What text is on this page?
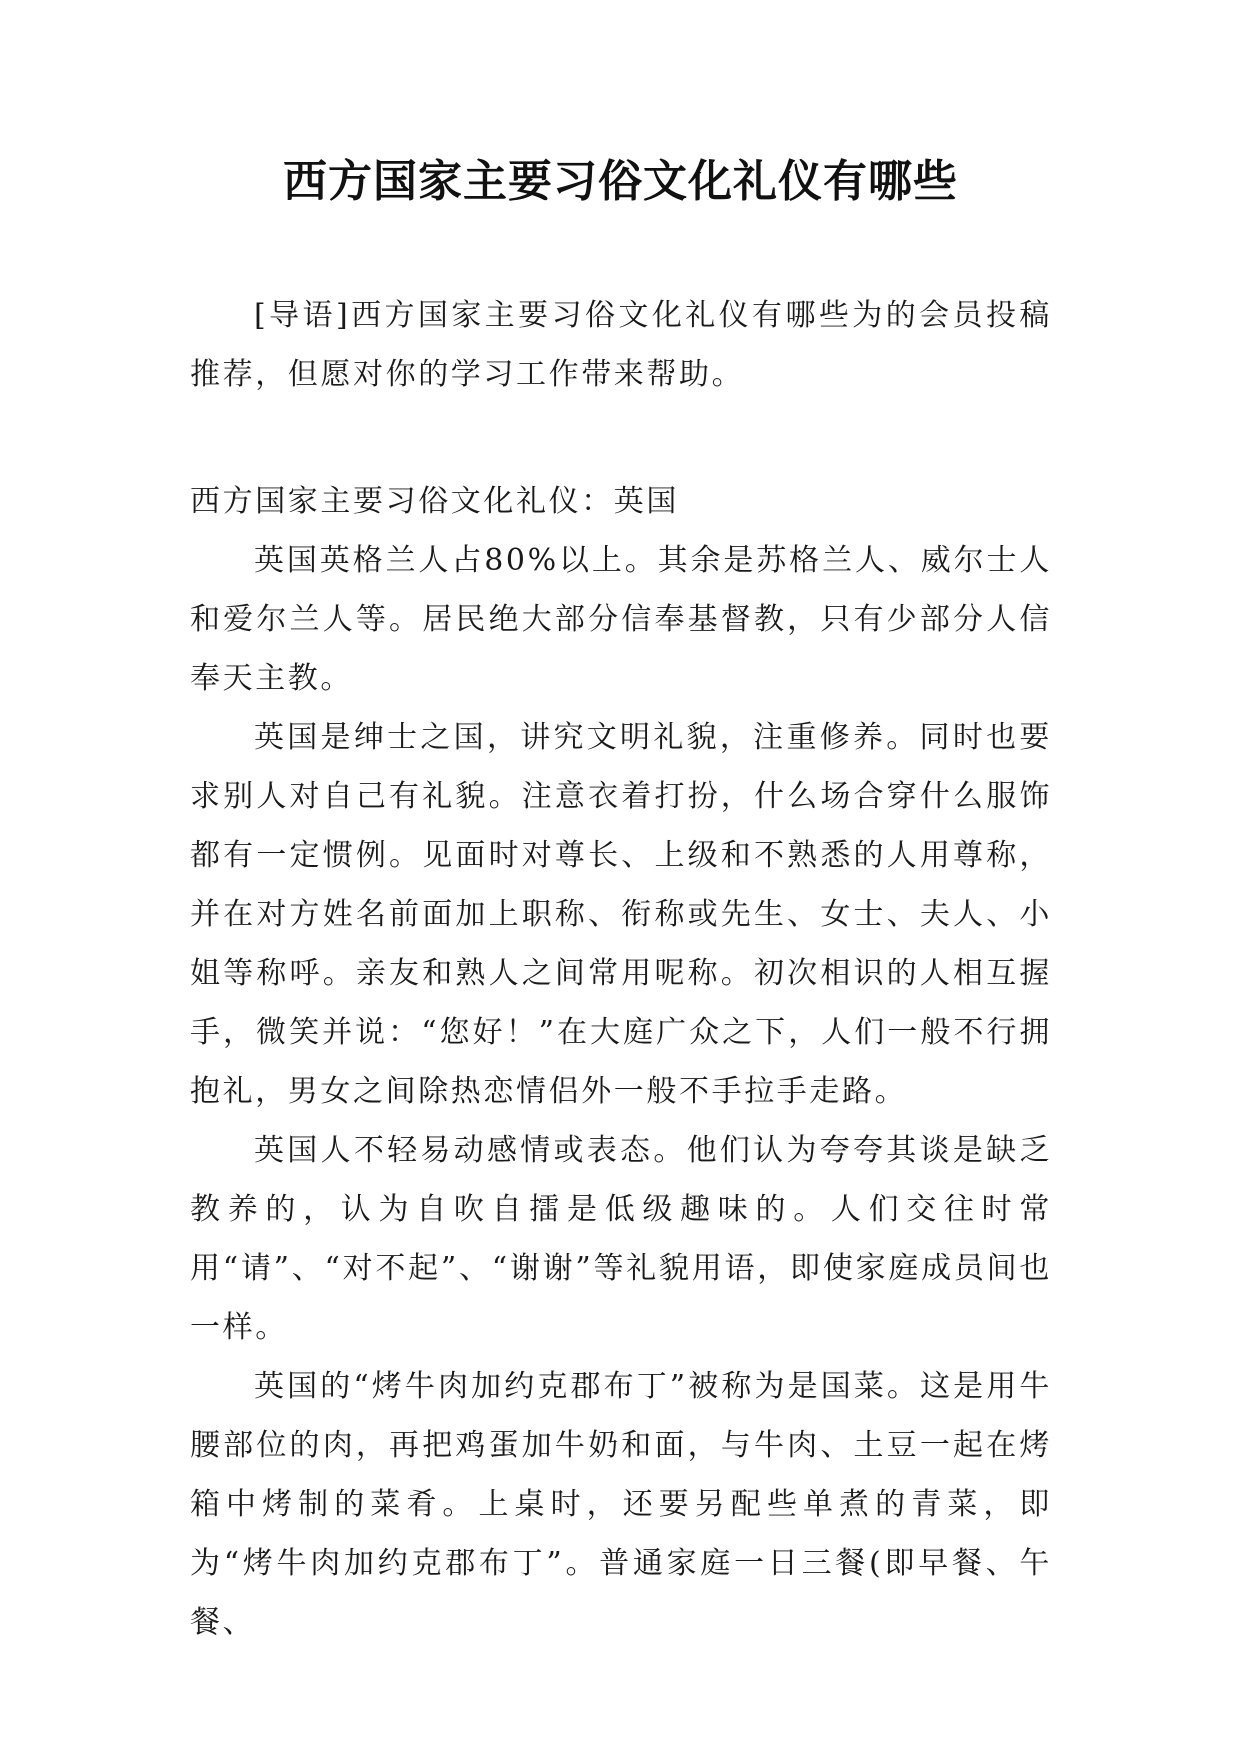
西方国家主要习俗文化礼仪有哪些

[导语]西方国家主要习俗文化礼仪有哪些为的会员投稿推荐，但愿对你的学习工作带来帮助。

西方国家主要习俗文化礼仪：英国

英国英格兰人占80%以上。其余是苏格兰人、威尔士人和爱尔兰人等。居民绝大部分信奉基督教，只有少部分人信奉天主教。

英国是绅士之国，讲究文明礼貌，注重修养。同时也要求别人对自己有礼貌。注意衣着打扮，什么场合穿什么服饰都有一定惯例。见面时对尊长、上级和不熟悉的人用尊称，并在对方姓名前面加上职称、衔称或先生、女士、夫人、小姐等称呼。亲友和熟人之间常用呢称。初次相识的人相互握手，微笑并说：“您好！”在大庭广众之下，人们一般不行拥抱礼，男女之间除热恋情侣外一般不手拉手走路。

英国人不轻易动感情或表态。他们认为夸夸其谈是缺乏教养的，认为自吹自擂是低级趣味的。人们交往时常用“请”、“对不起”、“谢谢”等礼貌用语，即使家庭成员间也一样。

英国的“烤牛肉加约克郡布丁”被称为是国菜。这是用牛腰部位的肉，再把鸡蛋加牛奶和面，与牛肉、土豆一起在烤箱中烤制的菜肴。上桌时，还要另配些单煮的青菜，即为“烤牛肉加约克郡布丁”。普通家庭一日三餐(即早餐、午餐、
